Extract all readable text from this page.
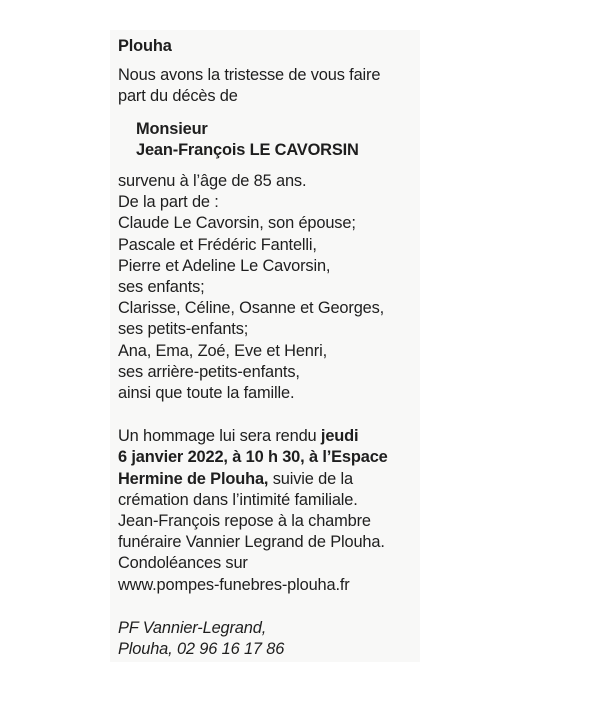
Plouha
Nous avons la tristesse de vous faire
part du décès de
Monsieur
Jean-François LE CAVORSIN
survenu à l’âge de 85 ans.
De la part de :
Claude Le Cavorsin, son épouse;
Pascale et Frédéric Fantelli,
Pierre et Adeline Le Cavorsin,
ses enfants;
Clarisse, Céline, Osanne et Georges,
ses petits-enfants;
Ana, Ema, Zoé, Eve et Henri,
ses arrière-petits-enfants,
ainsi que toute la famille.
Un hommage lui sera rendu jeudi
6 janvier 2022, à 10 h 30, à l’Espace
Hermine de Plouha, suivie de la
crémation dans l’intimité familiale.
Jean-François repose à la chambre
funéraire Vannier Legrand de Plouha.
Condoléances sur
www.pompes-funebres-plouha.fr
PF Vannier-Legrand,
Plouha, 02 96 16 17 86
